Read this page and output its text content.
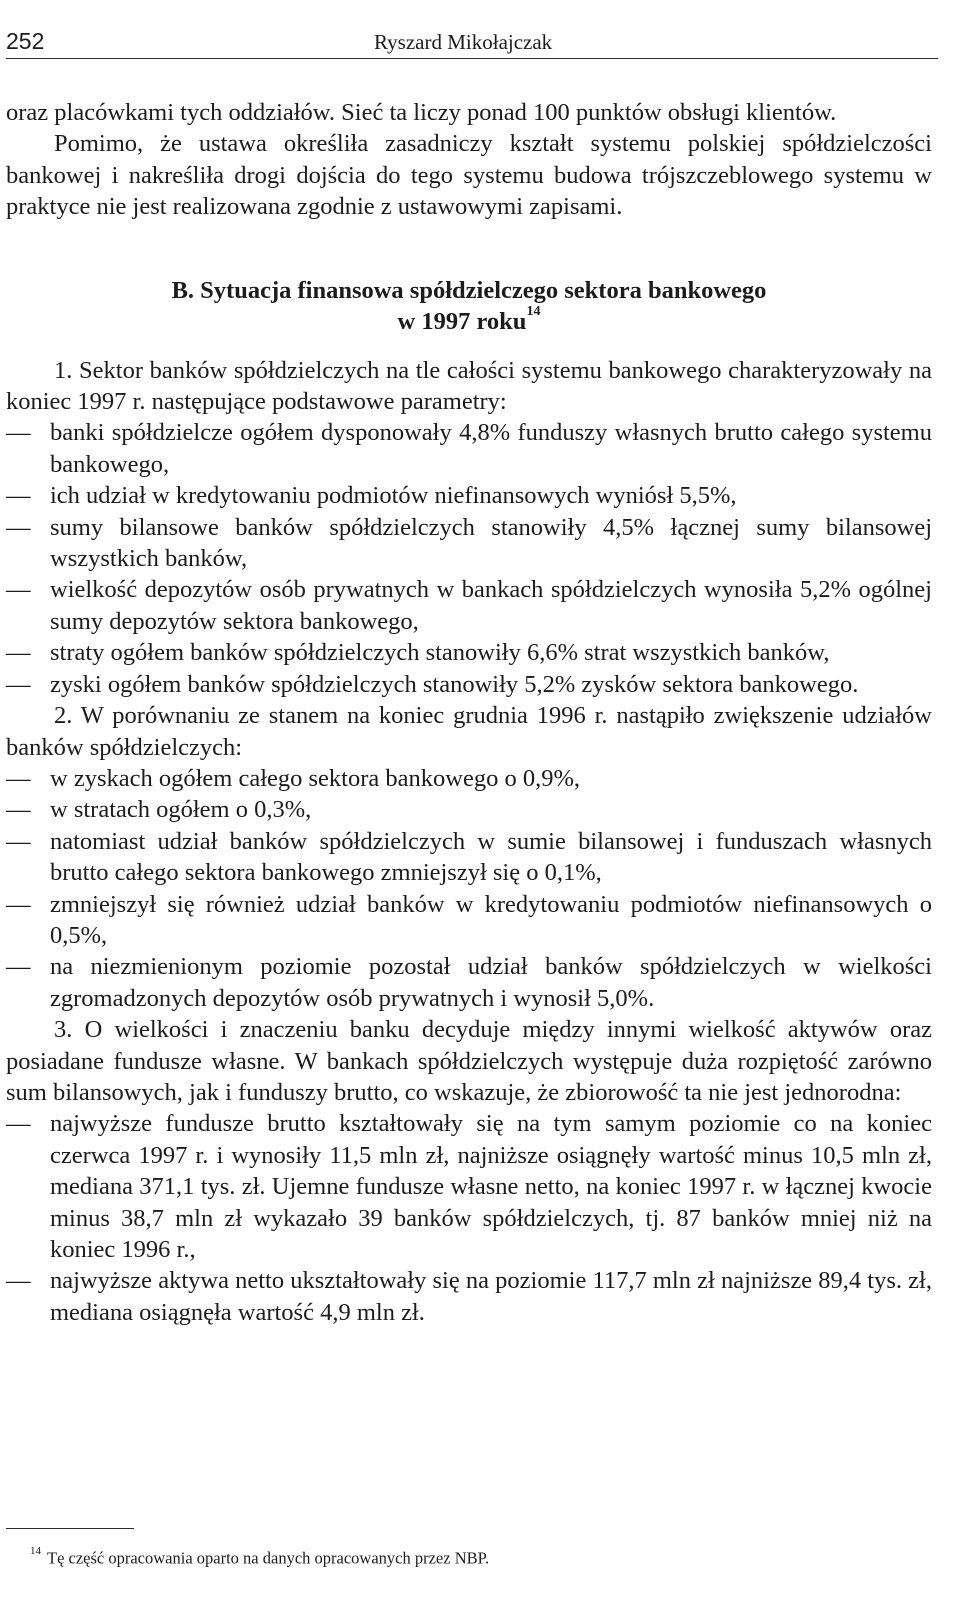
252	Ryszard Mikołajczak

oraz placówkami tych oddziałów. Sieć ta liczy ponad 100 punktów obsługi klientów.

Pomimo, że ustawa określiła zasadniczy kształt systemu polskiej spółdzielczości bankowej i nakreśliła drogi dojścia do tego systemu budowa trójszczeblowego systemu w praktyce nie jest realizowana zgodnie z ustawowymi zapisami.

B. Sytuacja finansowa spółdzielczego sektora bankowego
w 1997 roku$^{14}$

1. Sektor banków spółdzielczych na tle całości systemu bankowego charakteryzowały na koniec 1997 r. następujące podstawowe parametry:

— banki spółdzielcze ogółem dysponowały 4,8% funduszy własnych brutto całego systemu bankowego,
— ich udział w kredytowaniu podmiotów niefinansowych wyniósł 5,5%,
— sumy bilansowe banków spółdzielczych stanowiły 4,5% łącznej sumy bilansowej wszystkich banków,
— wielkość depozytów osób prywatnych w bankach spółdzielczych wynosiła 5,2% ogólnej sumy depozytów sektora bankowego,
— straty ogółem banków spółdzielczych stanowiły 6,6% strat wszystkich banków,
— zyski ogółem banków spółdzielczych stanowiły 5,2% zysków sektora bankowego.

2. W porównaniu ze stanem na koniec grudnia 1996 r. nastąpiło zwiększenie udziałów banków spółdzielczych:

— w zyskach ogółem całego sektora bankowego o 0,9%,
— w stratach ogółem o 0,3%,
— natomiast udział banków spółdzielczych w sumie bilansowej i funduszach własnych brutto całego sektora bankowego zmniejszył się o 0,1%,
— zmniejszył się również udział banków w kredytowaniu podmiotów niefinansowych o 0,5%,
— na niezmienionym poziomie pozostał udział banków spółdzielczych w wielkości zgromadzonych depozytów osób prywatnych i wynosił 5,0%.

3. O wielkości i znaczeniu banku decyduje między innymi wielkość aktywów oraz posiadane fundusze własne. W bankach spółdzielczych występuje duża rozpiętość zarówno sum bilansowych, jak i funduszy brutto, co wskazuje, że zbiorowość ta nie jest jednorodna:

— najwyższe fundusze brutto kształtowały się na tym samym poziomie co na koniec czerwca 1997 r. i wynosiły 11,5 mln zł, najniższe osiągnęły wartość minus 10,5 mln zł, mediana 371,1 tys. zł. Ujemne fundusze własne netto, na koniec 1997 r. w łącznej kwocie minus 38,7 mln zł wykazało 39 banków spółdzielczych, tj. 87 banków mniej niż na koniec 1996 r.,
— najwyższe aktywa netto ukształtowały się na poziomie 117,7 mln zł najniższe 89,4 tys. zł, mediana osiągnęła wartość 4,9 mln zł.
$^{14}$ Tę część opracowania oparto na danych opracowanych przez NBP.
